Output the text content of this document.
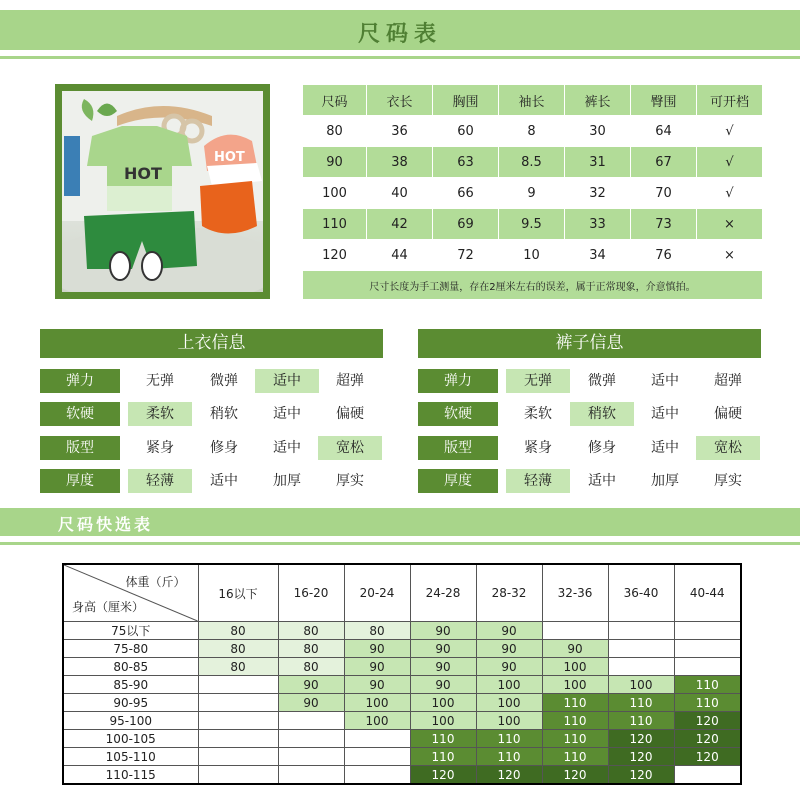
尺码表
HOT
HOT
尺码	衣长	胸围	袖长	裤长	臀围	可开档
80	36	60	8	30	64	√
90	38	63	8.5	31	67	√
100	40	66	9	32	70	√
110	42	69	9.5	33	73	×
120	44	72	10	34	76	×
尺寸长度为手工测量，存在2厘米左右的误差，属于正常现象，介意慎拍。						
上衣信息
弹力	无弹	微弹	适中	超弹
软硬	柔软	稍软	适中	偏硬
版型	紧身	修身	适中	宽松
厚度	轻薄	适中	加厚	厚实
裤子信息
弹力	无弹	微弹	适中	超弹
软硬	柔软	稍软	适中	偏硬
版型	紧身	修身	适中	宽松
厚度	轻薄	适中	加厚	厚实
尺码快选表
体重（斤）
身高（厘米）	16以下	16-20	20-24	24-28	28-32	32-36	36-40	40-44
75以下	80	80	80	90	90			
75-80	80	80	90	90	90	90		
80-85	80	80	90	90	90	100		
85-90		90	90	90	100	100	100	110
90-95		90	100	100	100	110	110	110
95-100			100	100	100	110	110	120
100-105				110	110	110	120	120
105-110				110	110	110	120	120
110-115				120	120	120	120	
